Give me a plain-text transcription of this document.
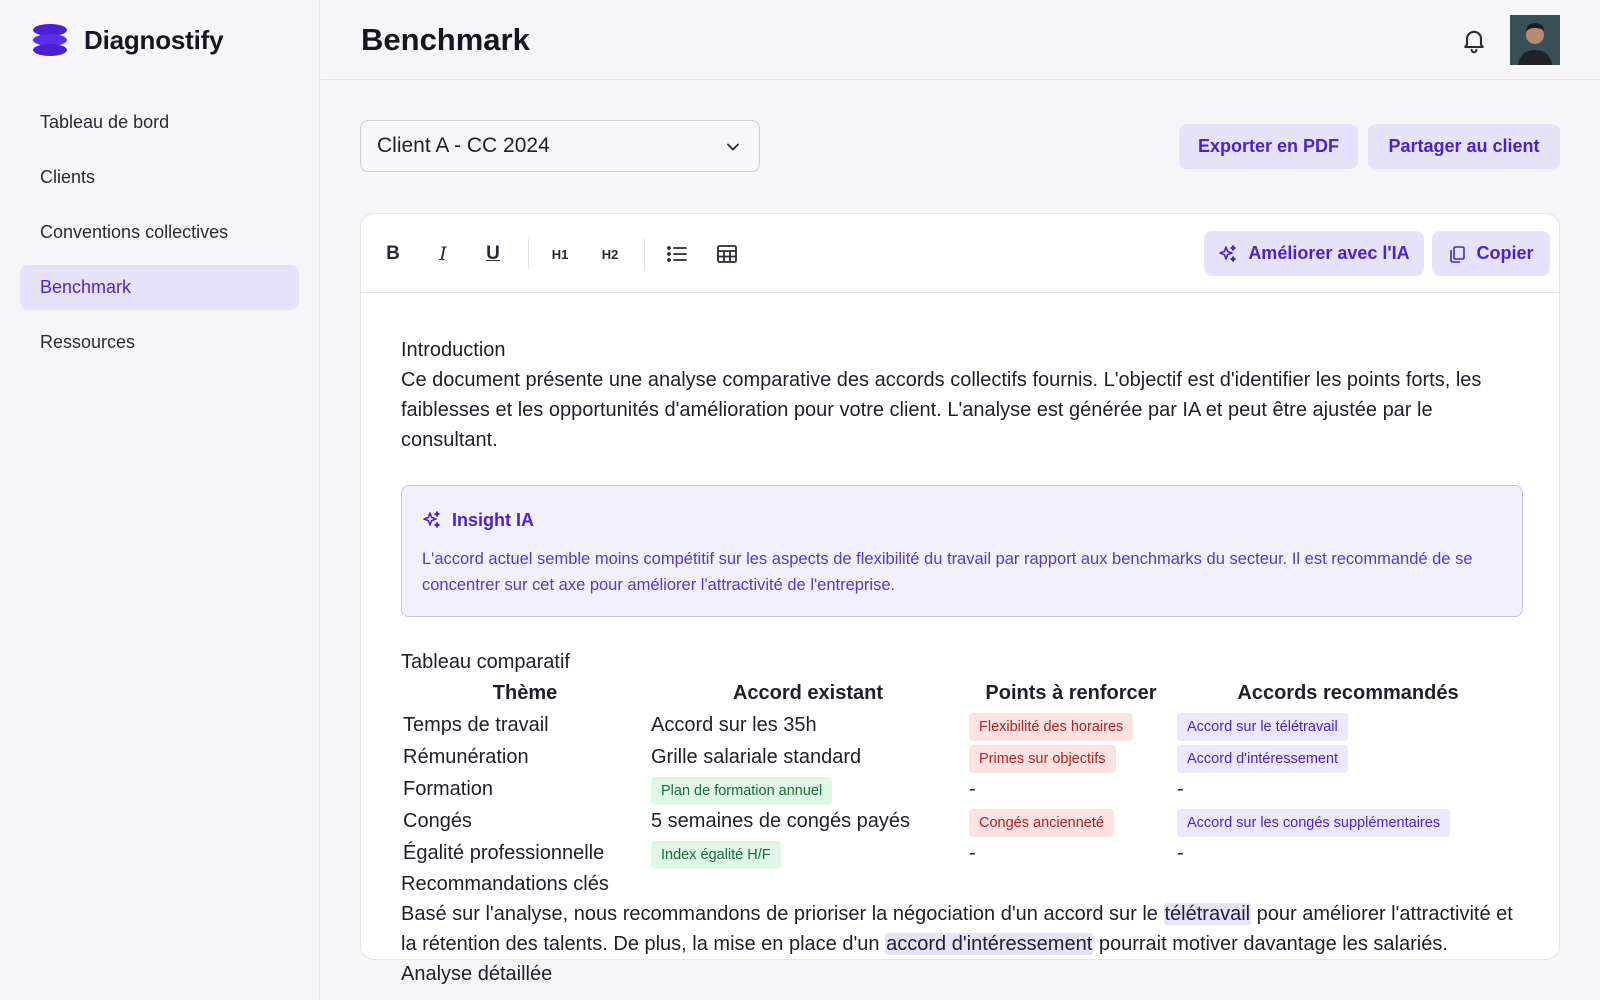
Diagnostify
Tableau de bord
Clients
Conventions collectives
Benchmark
Ressources
Benchmark
Client A - CC 2024	Exporter en PDF	Partager au client
B	I	U	H1	H2	Améliorer avec l'IA	Copier
Introduction
Ce document présente une analyse comparative des accords collectifs fournis. L'objectif est d'identifier les points forts, les faiblesses et les opportunités d'amélioration pour votre client. L'analyse est générée par IA et peut être ajustée par le consultant.
Insight IA
L'accord actuel semble moins compétitif sur les aspects de flexibilité du travail par rapport aux benchmarks du secteur. Il est recommandé de se concentrer sur cet axe pour améliorer l'attractivité de l'entreprise.
Tableau comparatif
Thème	Accord existant	Points à renforcer	Accords recommandés
Temps de travail	Accord sur les 35h	Flexibilité des horaires	Accord sur le télétravail
Rémunération	Grille salariale standard	Primes sur objectifs	Accord d'intéressement
Formation	Plan de formation annuel	-	-
Congés	5 semaines de congés payés	Congés ancienneté	Accord sur les congés supplémentaires
Égalité professionnelle	Index égalité H/F	-	-
Recommandations clés
Basé sur l'analyse, nous recommandons de prioriser la négociation d'un accord sur le télétravail pour améliorer l'attractivité et la rétention des talents. De plus, la mise en place d'un accord d'intéressement pourrait motiver davantage les salariés.
Analyse détaillée
